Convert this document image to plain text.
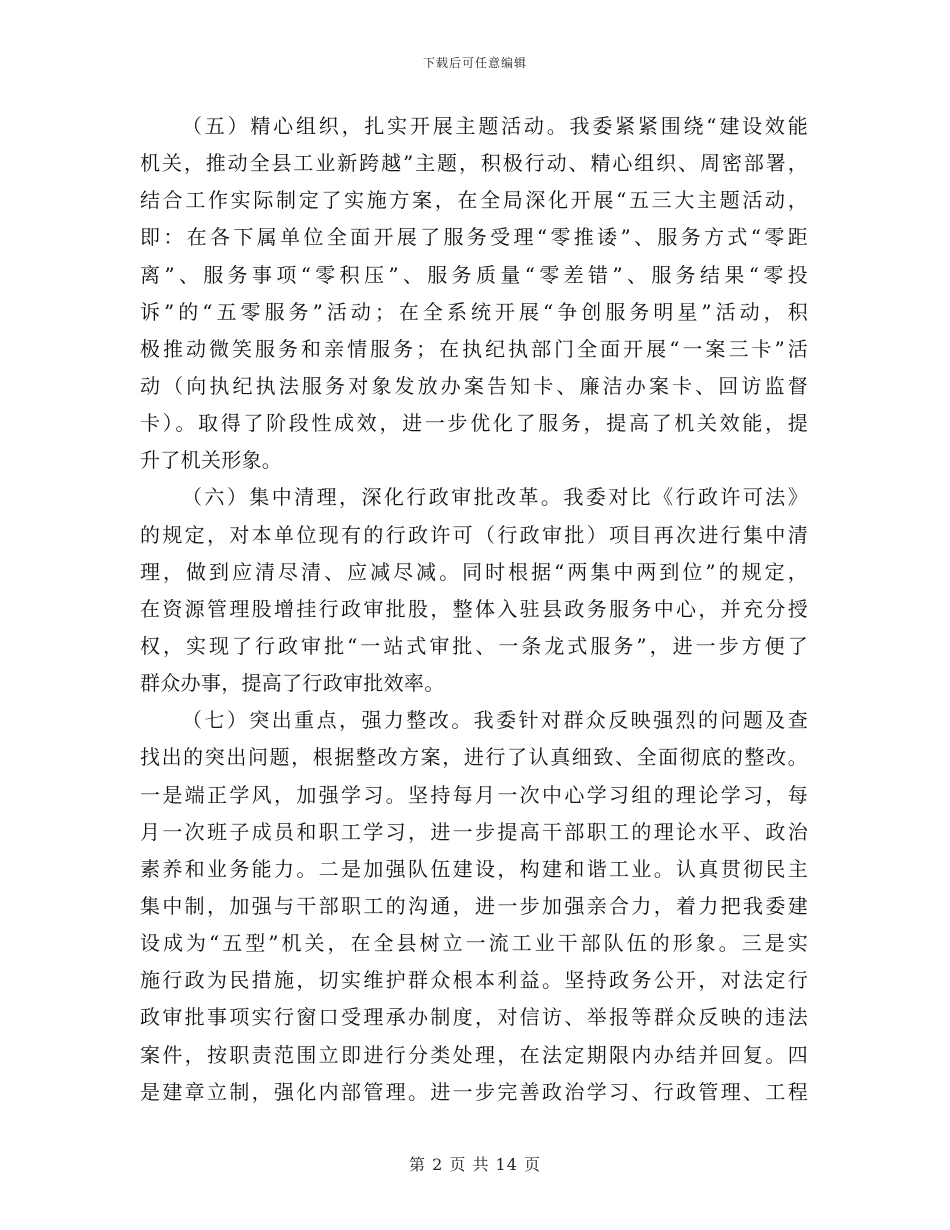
下载后可任意编辑
（五）精心组织，扎实开展主题活动。我委紧紧围绕“建设效能
机关，推动全县工业新跨越”主题，积极行动、精心组织、周密部署，
结合工作实际制定了实施方案，在全局深化开展“五三大主题活动，
即：在各下属单位全面开展了服务受理“零推诿”、服务方式“零距
离”、服务事项“零积压”、服务质量“零差错”、服务结果“零投
诉”的“五零服务”活动；在全系统开展“争创服务明星”活动，积
极推动微笑服务和亲情服务；在执纪执部门全面开展“一案三卡”活
动（向执纪执法服务对象发放办案告知卡、廉洁办案卡、回访监督
卡）。取得了阶段性成效，进一步优化了服务，提高了机关效能，提
升了机关形象。
（六）集中清理，深化行政审批改革。我委对比《行政许可法》
的规定，对本单位现有的行政许可（行政审批）项目再次进行集中清
理，做到应清尽清、应减尽减。同时根据“两集中两到位”的规定，
在资源管理股增挂行政审批股，整体入驻县政务服务中心，并充分授
权，实现了行政审批“一站式审批、一条龙式服务”，进一步方便了
群众办事，提高了行政审批效率。
（七）突出重点，强力整改。我委针对群众反映强烈的问题及查
找出的突出问题，根据整改方案，进行了认真细致、全面彻底的整改。
一是端正学风，加强学习。坚持每月一次中心学习组的理论学习，每
月一次班子成员和职工学习，进一步提高干部职工的理论水平、政治
素养和业务能力。二是加强队伍建设，构建和谐工业。认真贯彻民主
集中制，加强与干部职工的沟通，进一步加强亲合力，着力把我委建
设成为“五型”机关，在全县树立一流工业干部队伍的形象。三是实
施行政为民措施，切实维护群众根本利益。坚持政务公开，对法定行
政审批事项实行窗口受理承办制度，对信访、举报等群众反映的违法
案件，按职责范围立即进行分类处理，在法定期限内办结并回复。四
是建章立制，强化内部管理。进一步完善政治学习、行政管理、工程
第 2 页 共 14 页
